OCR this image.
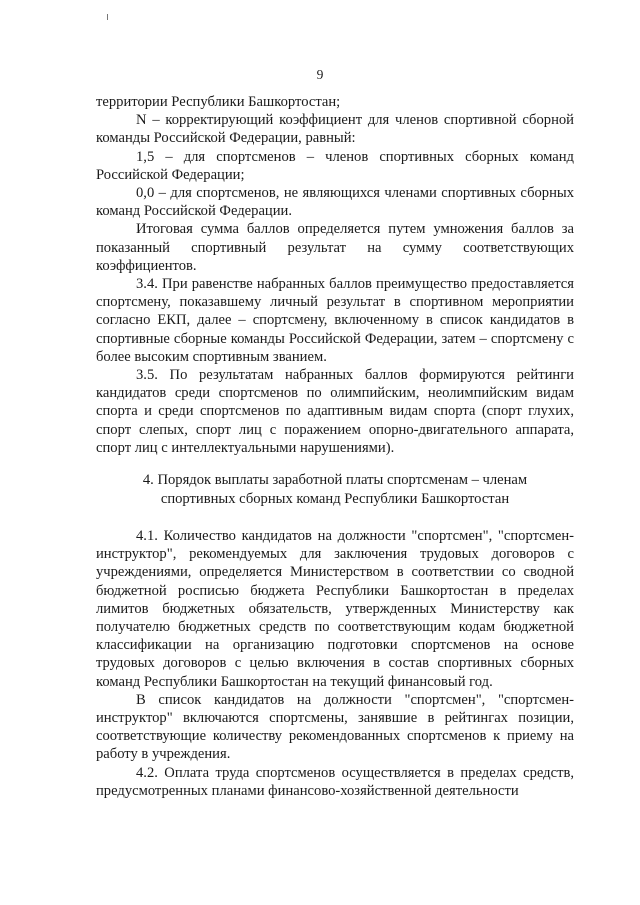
9

территории Республики Башкортостан;

N – корректирующий коэффициент для членов спортивной сборной команды Российской Федерации, равный:

1,5 – для спортсменов – членов спортивных сборных команд Российской Федерации;

0,0 – для спортсменов, не являющихся членами спортивных сборных команд Российской Федерации.

Итоговая сумма баллов определяется путем умножения баллов за показанный спортивный результат на сумму соответствующих коэффициентов.

3.4. При равенстве набранных баллов преимущество предоставляется спортсмену, показавшему личный результат в спортивном мероприятии согласно ЕКП, далее – спортсмену, включенному в список кандидатов в спортивные сборные команды Российской Федерации, затем – спортсмену с более высоким спортивным званием.

3.5. По результатам набранных баллов формируются рейтинги кандидатов среди спортсменов по олимпийским, неолимпийским видам спорта и среди спортсменов по адаптивным видам спорта (спорт глухих, спорт слепых, спорт лиц с поражением опорно-двигательного аппарата, спорт лиц с интеллектуальными нарушениями).

4. Порядок выплаты заработной платы спортсменам – членам
спортивных сборных команд Республики Башкортостан

4.1. Количество кандидатов на должности "спортсмен", "спортсмен-инструктор", рекомендуемых для заключения трудовых договоров с учреждениями, определяется Министерством в соответствии со сводной бюджетной росписью бюджета Республики Башкортостан в пределах лимитов бюджетных обязательств, утвержденных Министерству как получателю бюджетных средств по соответствующим кодам бюджетной классификации на организацию подготовки спортсменов на основе трудовых договоров с целью включения в состав спортивных сборных команд Республики Башкортостан на текущий финансовый год.

В список кандидатов на должности "спортсмен", "спортсмен-инструктор" включаются спортсмены, занявшие в рейтингах позиции, соответствующие количеству рекомендованных спортсменов к приему на работу в учреждения.

4.2. Оплата труда спортсменов осуществляется в пределах средств, предусмотренных планами финансово-хозяйственной деятельности
